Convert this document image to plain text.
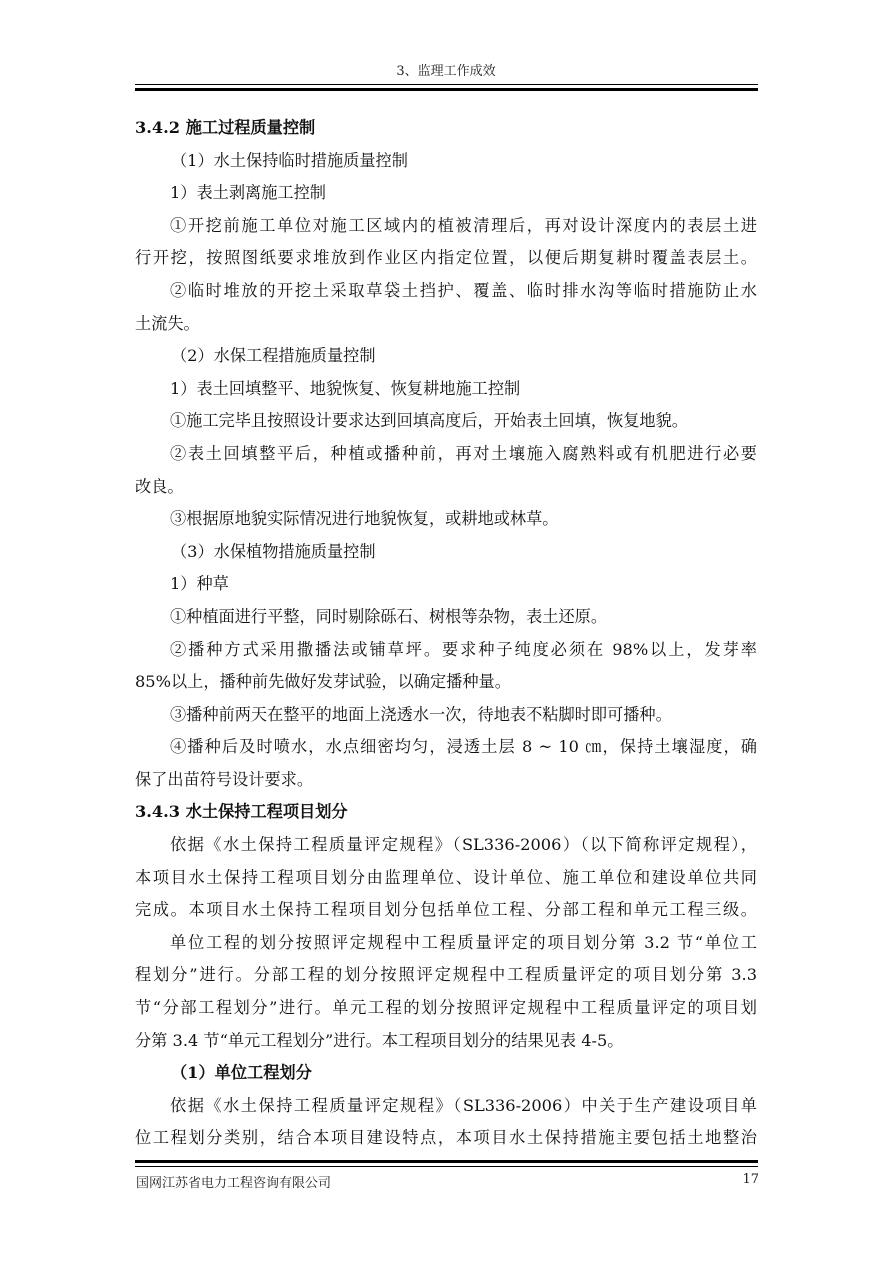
3、监理工作成效
3.4.2 施工过程质量控制
（1）水土保持临时措施质量控制
1）表土剥离施工控制
①开挖前施工单位对施工区域内的植被清理后，再对设计深度内的表层土进
行开挖，按照图纸要求堆放到作业区内指定位置，以便后期复耕时覆盖表层土。
②临时堆放的开挖土采取草袋土挡护、覆盖、临时排水沟等临时措施防止水
土流失。
（2）水保工程措施质量控制
1）表土回填整平、地貌恢复、恢复耕地施工控制
①施工完毕且按照设计要求达到回填高度后，开始表土回填，恢复地貌。
②表土回填整平后，种植或播种前，再对土壤施入腐熟料或有机肥进行必要
改良。
③根据原地貌实际情况进行地貌恢复，或耕地或林草。
（3）水保植物措施质量控制
1）种草
①种植面进行平整，同时剔除砾石、树根等杂物，表土还原。
②播种方式采用撒播法或铺草坪。要求种子纯度必须在 98%以上，发芽率
85%以上，播种前先做好发芽试验，以确定播种量。
③播种前两天在整平的地面上浇透水一次，待地表不粘脚时即可播种。
④播种后及时喷水，水点细密均匀，浸透土层 8 ~ 10 ㎝，保持土壤湿度，确
保了出苗符号设计要求。
3.4.3 水土保持工程项目划分
依据《水土保持工程质量评定规程》（SL336-2006）（以下简称评定规程），
本项目水土保持工程项目划分由监理单位、设计单位、施工单位和建设单位共同
完成。本项目水土保持工程项目划分包括单位工程、分部工程和单元工程三级。
单位工程的划分按照评定规程中工程质量评定的项目划分第 3.2 节“单位工
程划分”进行。分部工程的划分按照评定规程中工程质量评定的项目划分第 3.3
节“分部工程划分”进行。单元工程的划分按照评定规程中工程质量评定的项目划
分第 3.4 节“单元工程划分”进行。本工程项目划分的结果见表 4-5。
（1）单位工程划分
依据《水土保持工程质量评定规程》（SL336-2006）中关于生产建设项目单
位工程划分类别，结合本项目建设特点，本项目水土保持措施主要包括土地整治
国网江苏省电力工程咨询有限公司	17
